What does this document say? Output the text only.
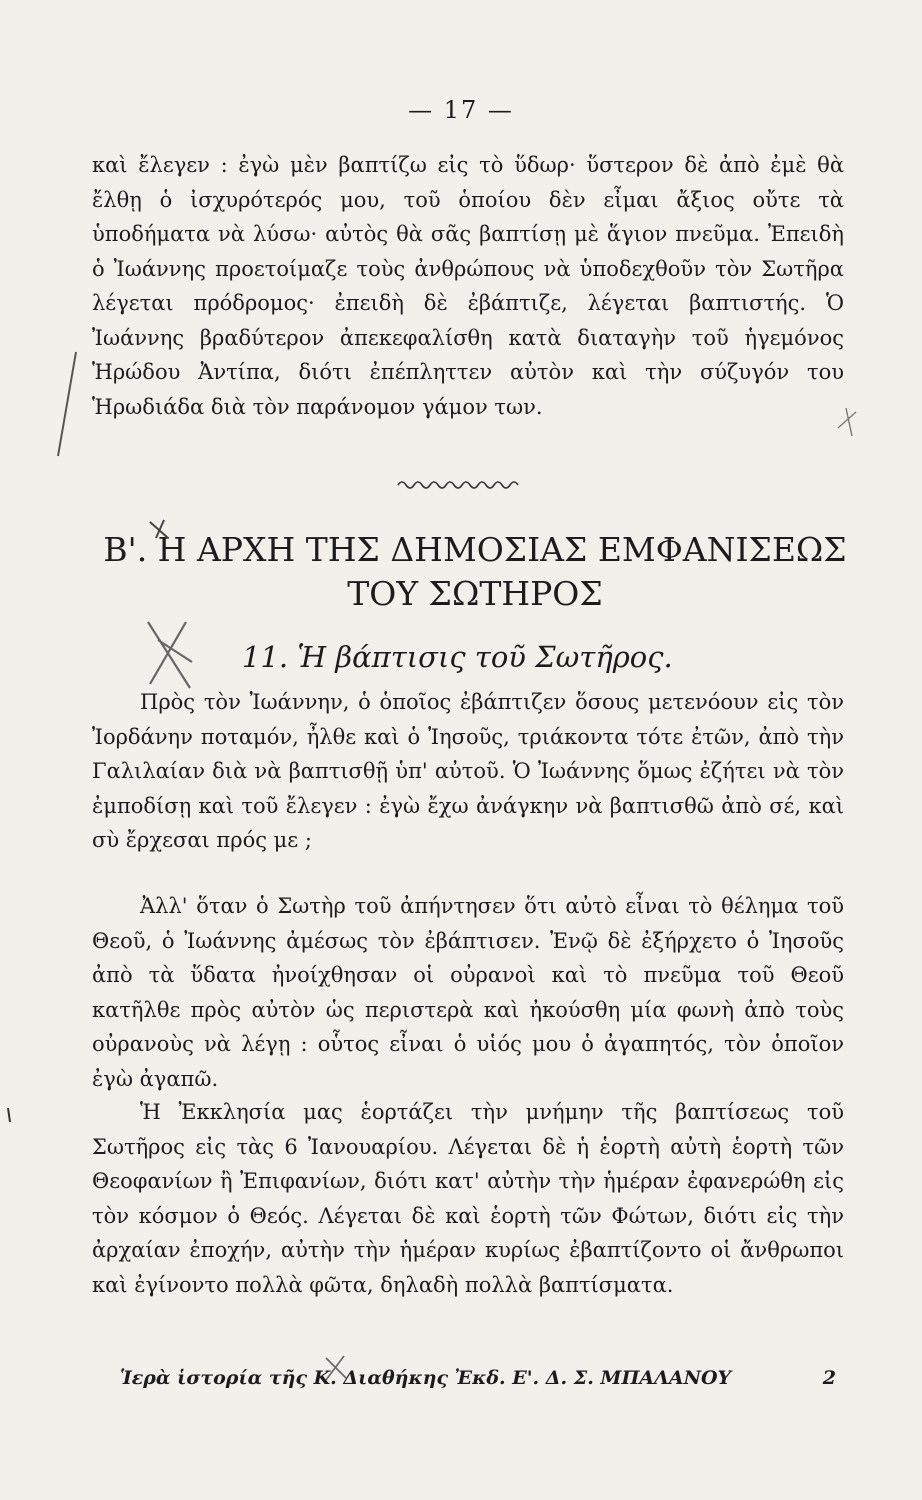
— 17 —

καὶ ἔλεγεν : ἐγὼ μὲν βαπτίζω εἰς τὸ ὕδωρ· ὕστερον δὲ ἀπὸ ἐμὲ θὰ ἔλθῃ ὁ ἰσχυρότερός μου, τοῦ ὁποίου δὲν εἶμαι ἄξιος οὔτε τὰ ὑποδήματα νὰ λύσω· αὐτὸς θὰ σᾶς βαπτίσῃ μὲ ἅγιον πνεῦμα. Ἐπειδὴ ὁ Ἰωάννης προετοίμαζε τοὺς ἀνθρώπους νὰ ὑποδεχθοῦν τὸν Σωτῆρα λέγεται πρόδρομος· ἐπειδὴ δὲ ἐβάπτιζε, λέγεται βαπτιστής. Ὁ Ἰωάννης βραδύτερον ἀπεκεφαλίσθη κατὰ διαταγὴν τοῦ ἡγεμόνος Ἡρώδου Ἀντίπα, διότι ἐπέπληττεν αὐτὸν καὶ τὴν σύζυγόν του Ἡρωδιάδα διὰ τὸν παράνομον γάμον των.

Β'. Η ΑΡΧΗ ΤΗΣ ΔΗΜΟΣΙΑΣ ΕΜΦΑΝΙΣΕΩΣ
ΤΟΥ ΣΩΤΗΡΟΣ
11. Ἡ βάπτισις τοῦ Σωτῆρος.

Πρὸς τὸν Ἰωάννην, ὁ ὁποῖος ἐβάπτιζεν ὅσους μετενόουν εἰς τὸν Ἰορδάνην ποταμόν, ἦλθε καὶ ὁ Ἰησοῦς, τριάκοντα τότε ἐτῶν, ἀπὸ τὴν Γαλιλαίαν διὰ νὰ βαπτισθῇ ὑπ' αὐτοῦ. Ὁ Ἰωάννης ὅμως ἐζήτει νὰ τὸν ἐμποδίσῃ καὶ τοῦ ἔλεγεν : ἐγὼ ἔχω ἀνάγκην νὰ βαπτισθῶ ἀπὸ σέ, καὶ σὺ ἔρχεσαι πρός με ;

Ἀλλ' ὅταν ὁ Σωτὴρ τοῦ ἀπήντησεν ὅτι αὐτὸ εἶναι τὸ θέλημα τοῦ Θεοῦ, ὁ Ἰωάννης ἀμέσως τὸν ἐβάπτισεν. Ἐνῷ δὲ ἐξήρχετο ὁ Ἰησοῦς ἀπὸ τὰ ὕδατα ἠνοίχθησαν οἱ οὐρανοὶ καὶ τὸ πνεῦμα τοῦ Θεοῦ κατῆλθε πρὸς αὐτὸν ὡς περιστερὰ καὶ ἠκούσθη μία φωνὴ ἀπὸ τοὺς οὐρανοὺς νὰ λέγῃ : οὗτος εἶναι ὁ υἱός μου ὁ ἀγαπητός, τὸν ὁποῖον ἐγὼ ἀγαπῶ.

Ἡ Ἐκκλησία μας ἑορτάζει τὴν μνήμην τῆς βαπτίσεως τοῦ Σωτῆρος εἰς τὰς 6 Ἰανουαρίου. Λέγεται δὲ ἡ ἑορτὴ αὐτὴ ἑορτὴ τῶν Θεοφανίων ἢ Ἐπιφανίων, διότι κατ' αὐτὴν τὴν ἡμέραν ἐφανερώθη εἰς τὸν κόσμον ὁ Θεός. Λέγεται δὲ καὶ ἑορτὴ τῶν Φώτων, διότι εἰς τὴν ἀρχαίαν ἐποχήν, αὐτὴν τὴν ἡμέραν κυρίως ἐβαπτίζοντο οἱ ἄνθρωποι καὶ ἐγίνοντο πολλὰ φῶτα, δηλαδὴ πολλὰ βαπτίσματα.

Ἱερὰ ἱστορία τῆς Κ. Διαθήκης Ἐκδ. Ε'. Δ. Σ. ΜΠΑΛΑΝΟΥ	2
